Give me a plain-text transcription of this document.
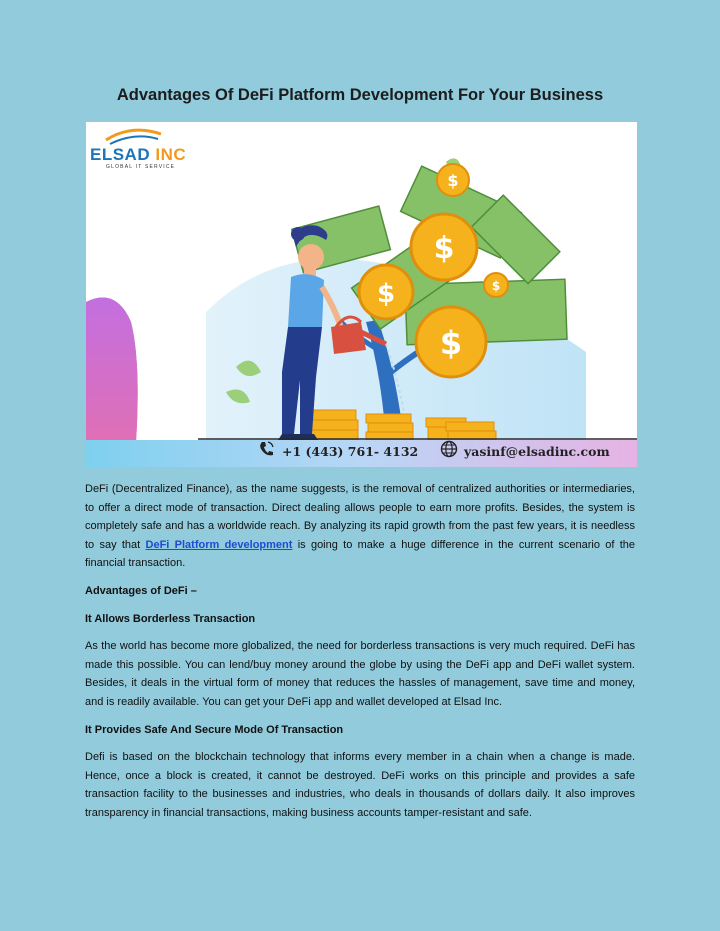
Advantages Of DeFi Platform Development For Your Business
$
$
$
$
$
ELSAD INC
GLOBAL IT SERVICE
+1 (443) 761- 4132	yasinf@elsadinc.com

DeFi (Decentralized Finance), as the name suggests, is the removal of centralized authorities or intermediaries, to offer a direct mode of transaction. Direct dealing allows people to earn more profits. Besides, the system is completely safe and has a worldwide reach. By analyzing its rapid growth from the past few years, it is needless to say that DeFi Platform development is going to make a huge difference in the current scenario of the financial transaction.

Advantages of DeFi –
It Allows Borderless Transaction

As the world has become more globalized, the need for borderless transactions is very much required. DeFi has made this possible. You can lend/buy money around the globe by using the DeFi app and DeFi wallet system. Besides, it deals in the virtual form of money that reduces the hassles of management, save time and money, and is readily available. You can get your DeFi app and wallet developed at Elsad Inc.

It Provides Safe And Secure Mode Of Transaction

Defi is based on the blockchain technology that informs every member in a chain when a change is made. Hence, once a block is created, it cannot be destroyed. DeFi works on this principle and provides a safe transaction facility to the businesses and industries, who deals in thousands of dollars daily. It also improves transparency in financial transactions, making business accounts tamper-resistant and safe.
